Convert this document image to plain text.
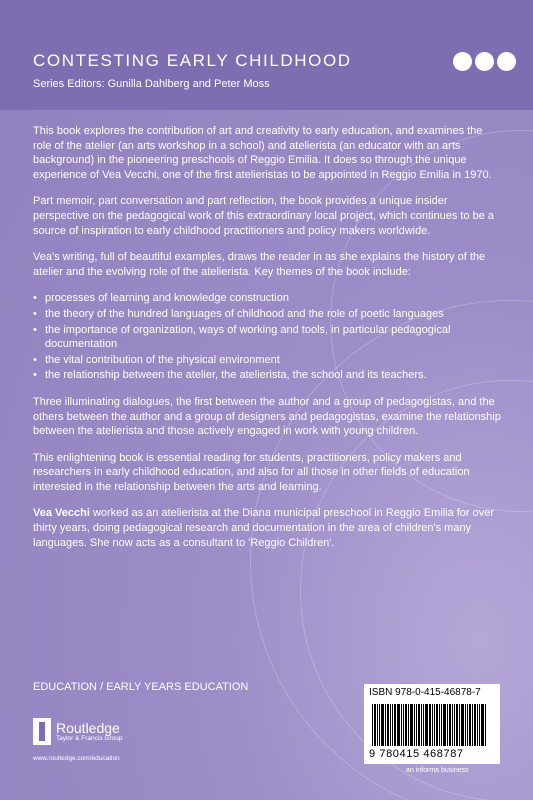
CONTESTING EARLY CHILDHOOD
Series Editors: Gunilla Dahlberg and Peter Moss

This book explores the contribution of art and creativity to early education, and examines the role of the atelier (an arts workshop in a school) and atelierista (an educator with an arts background) in the pioneering preschools of Reggio Emilia. It does so through the unique experience of Vea Vecchi, one of the first atelieristas to be appointed in Reggio Emilia in 1970.

Part memoir, part conversation and part reflection, the book provides a unique insider perspective on the pedagogical work of this extraordinary local project, which continues to be a source of inspiration to early childhood practitioners and policy makers worldwide.

Vea's writing, full of beautiful examples, draws the reader in as she explains the history of the atelier and the evolving role of the atelierista. Key themes of the book include:

• processes of learning and knowledge construction
• the theory of the hundred languages of childhood and the role of poetic languages
• the importance of organization, ways of working and tools, in particular pedagogical documentation
• the vital contribution of the physical environment
• the relationship between the atelier, the atelierista, the school and its teachers.

Three illuminating dialogues, the first between the author and a group of pedagogistas, and the others between the author and a group of designers and pedagogistas, examine the relationship between the atelierista and those actively engaged in work with young children.

This enlightening book is essential reading for students, practitioners, policy makers and researchers in early childhood education, and also for all those in other fields of education interested in the relationship between the arts and learning.

Vea Vecchi worked as an atelierista at the Diana municipal preschool in Reggio Emilia for over thirty years, doing pedagogical research and documentation in the area of children's many languages. She now acts as a consultant to 'Reggio Children'.

EDUCATION / EARLY YEARS EDUCATION
Routledge
Taylor & Francis Group
www.routledge.com/education
ISBN 978-0-415-46878-7
9 780415 468787
an informa business
